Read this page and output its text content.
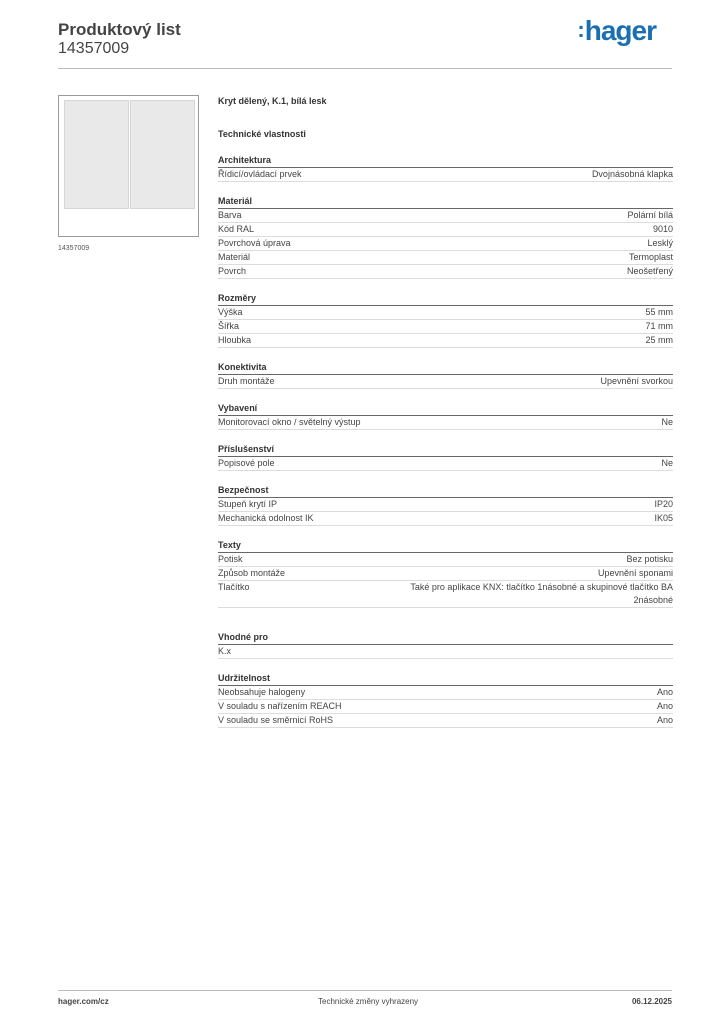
Produktový list
14357009
:hager
14357009
Kryt dělený, K.1, bílá lesk
Technické vlastnosti
Architektura
Řídicí/ovládací prvek	Dvojnásobná klapka
Materiál
Barva	Polární bílá
Kód RAL	9010
Povrchová úprava	Lesklý
Materiál	Termoplast
Povrch	Neošetřený
Rozměry
Výška	55 mm
Šířka	71 mm
Hloubka	25 mm
Konektivita
Druh montáže	Upevnění svorkou
Vybavení
Monitorovací okno / světelný výstup	Ne
Příslušenství
Popisové pole	Ne
Bezpečnost
Stupeň krytí IP	IP20
Mechanická odolnost IK	IK05
Texty
Potisk	Bez potisku
Způsob montáže	Upevnění sponami
Tlačítko	Také pro aplikace KNX: tlačítko 1násobné a skupinové tlačítko BA 2násobné
Vhodné pro
K.x
Udržitelnost
Neobsahuje halogeny	Ano
V souladu s nařízením REACH	Ano
V souladu se směrnicí RoHS	Ano
hager.com/cz	Technické změny vyhrazeny	06.12.2025
